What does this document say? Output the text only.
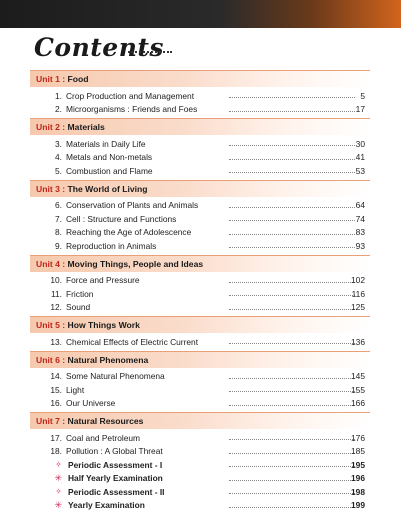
Contents
Unit 1 : Food
1. Crop Production and Management	5
2. Microorganisms : Friends and Foes	17
Unit 2 : Materials
3. Materials in Daily Life	30
4. Metals and Non-metals	41
5. Combustion and Flame	53
Unit 3 : The World of Living
6. Conservation of Plants and Animals	64
7. Cell : Structure and Functions	74
8. Reaching the Age of Adolescence	83
9. Reproduction in Animals	93
Unit 4 : Moving Things, People and Ideas
10. Force and Pressure	102
11. Friction	116
12. Sound	125
Unit 5 : How Things Work
13. Chemical Effects of Electric Current	136
Unit 6 : Natural Phenomena
14. Some Natural Phenomena	145
15. Light	155
16. Our Universe	166
Unit 7 : Natural Resources
17. Coal and Petroleum	176
18. Pollution : A Global Threat	185
✧ Periodic Assessment - I	195
✳ Half Yearly Examination	196
✧ Periodic Assessment - II	198
✳ Yearly Examination	199
